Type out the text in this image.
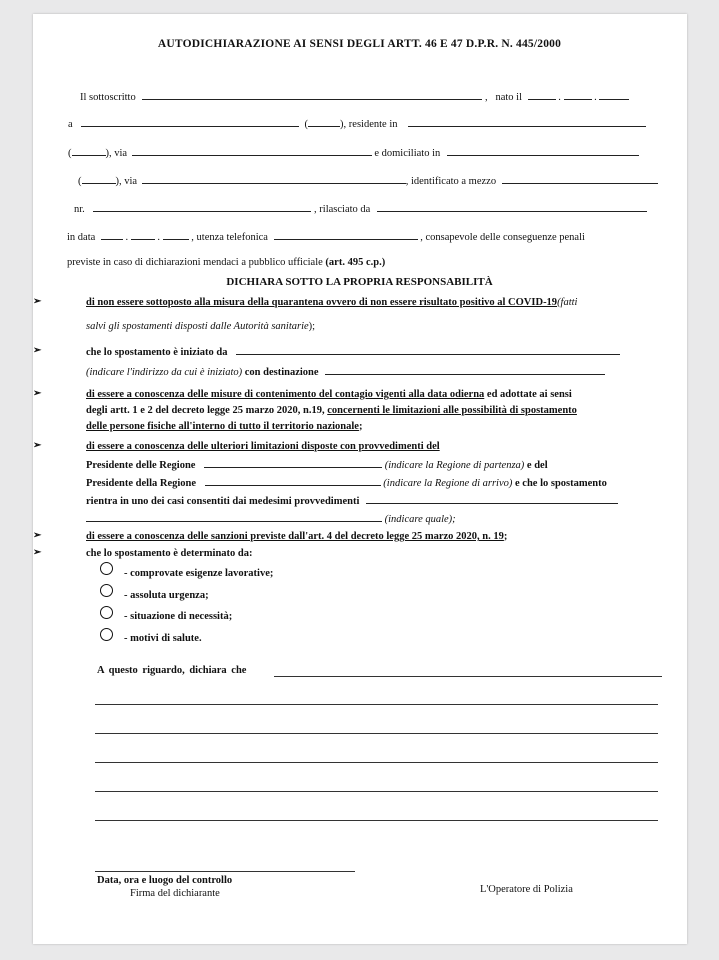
AUTODICHIARAZIONE AI SENSI DEGLI ARTT. 46 E 47 D.P.R. N. 445/2000
Il sottoscritto	,   nato il	.	.
a	(	), residente in
(	), via	e domiciliato in
(	), via	, identificato a mezzo
nr.	, rilasciato da
in data	.  .	, utenza telefonica	, consapevole delle conseguenze penali
previste in caso di dichiarazioni mendaci a pubblico ufficiale (art. 495 c.p.)
DICHIARA SOTTO LA PROPRIA RESPONSABILITÀ
➢	di non essere sottoposto alla misura della quarantena ovvero di non essere risultato positivo al COVID-19(fatti
salvi gli spostamenti disposti dalle Autorità sanitarie);
➢	che lo spostamento è iniziato da
(indicare l'indirizzo da cui è iniziato) con destinazione
➢	di essere a conoscenza delle misure di contenimento del contagio vigenti alla data odierna ed adottate ai sensi
degli artt. 1 e 2 del decreto legge 25 marzo 2020, n.19, concernenti le limitazioni alle possibilità di spostamento
delle persone fisiche all'interno di tutto il territorio nazionale;
➢	di essere a conoscenza delle ulteriori limitazioni disposte con provvedimenti del
Presidente delle Regione	(indicare la Regione di partenza) e del
Presidente della Regione	(indicare la Regione di arrivo) e che lo spostamento
rientra in uno dei casi consentiti dai medesimi provvedimenti
(indicare quale);
➢	di essere a conoscenza delle sanzioni previste dall'art. 4 del decreto legge 25 marzo 2020, n. 19;
➢	che lo spostamento è determinato da:
- comprovate esigenze lavorative;
- assoluta urgenza;
- situazione di necessità;
- motivi di salute.
A questo riguardo, dichiara che
Data, ora e luogo del controllo
Firma del dichiarante	L'Operatore di Polizia
